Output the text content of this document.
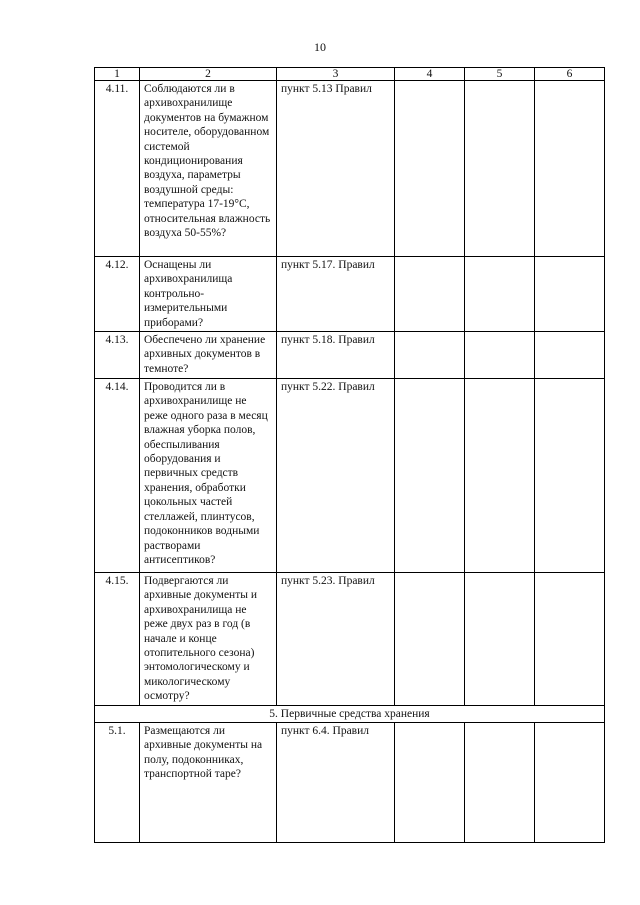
10
1	2	3	4	5	6
4.11.	Соблюдаются ли в архивохранилище документов на бумажном носителе, оборудованном системой кондиционирования воздуха, параметры воздушной среды: температура 17-19°С, относительная влажность воздуха 50-55%?	пункт 5.13 Правил			
4.12.	Оснащены ли архивохранилища контрольно-измерительными приборами?	пункт 5.17. Правил			
4.13.	Обеспечено ли хранение архивных документов в темноте?	пункт 5.18. Правил			
4.14.	Проводится ли в архивохранилище не реже одного раза в месяц влажная уборка полов, обеспыливания оборудования и первичных средств хранения, обработки цокольных частей стеллажей, плинтусов, подоконников водными растворами антисептиков?	пункт 5.22. Правил			
4.15.	Подвергаются ли архивные документы и архивохранилища не реже двух раз в год (в начале и конце отопительного сезона) энтомологическому и микологическому осмотру?	пункт 5.23. Правил			
5. Первичные средства хранения					
5.1.	Размещаются ли архивные документы на полу, подоконниках, транспортной таре?	пункт 6.4. Правил			
